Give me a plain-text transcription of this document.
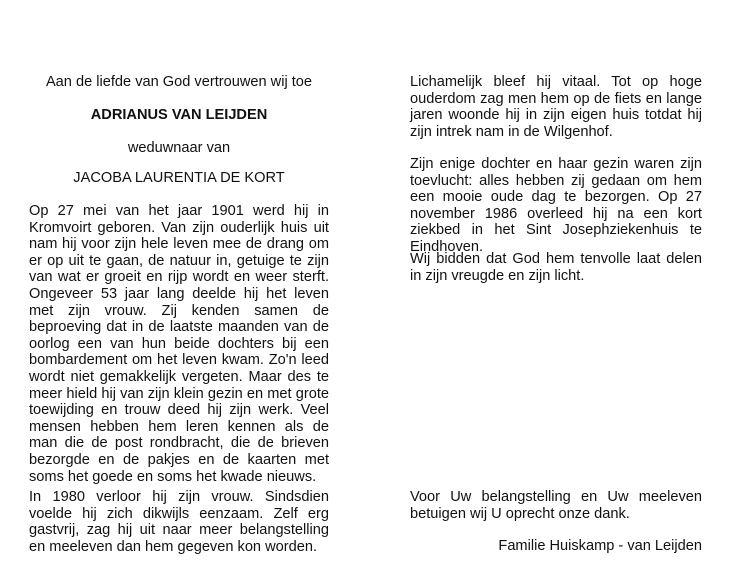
Aan de liefde van God vertrouwen wij toe
ADRIANUS VAN LEIJDEN
weduwnaar van
JACOBA LAURENTIA DE KORT
Op 27 mei van het jaar 1901 werd hij in Kromvoirt geboren. Van zijn ouderlijk huis uit nam hij voor zijn hele leven mee de drang om er op uit te gaan, de natuur in, getuige te zijn van wat er groeit en rijp wordt en weer sterft. Ongeveer 53 jaar lang deelde hij het leven met zijn vrouw. Zij kenden samen de beproeving dat in de laatste maanden van de oorlog een van hun beide dochters bij een bombardement om het leven kwam. Zo'n leed wordt niet gemakkelijk vergeten. Maar des te meer hield hij van zijn klein gezin en met grote toewijding en trouw deed hij zijn werk. Veel mensen hebben hem leren kennen als de man die de post rondbracht, die de brieven bezorgde en de pakjes en de kaarten met soms het goede en soms het kwade nieuws.
In 1980 verloor hij zijn vrouw. Sindsdien voelde hij zich dikwijls eenzaam. Zelf erg gastvrij, zag hij uit naar meer belangstelling en meeleven dan hem gegeven kon worden.
Lichamelijk bleef hij vitaal. Tot op hoge ouderdom zag men hem op de fiets en lange jaren woonde hij in zijn eigen huis totdat hij zijn intrek nam in de Wilgenhof.
Zijn enige dochter en haar gezin waren zijn toevlucht: alles hebben zij gedaan om hem een mooie oude dag te bezorgen. Op 27 november 1986 overleed hij na een kort ziekbed in het Sint Josephziekenhuis te Eindhoven.
Wij bidden dat God hem tenvolle laat delen in zijn vreugde en zijn licht.
Voor Uw belangstelling en Uw meeleven betuigen wij U oprecht onze dank.
Familie Huiskamp - van Leijden
